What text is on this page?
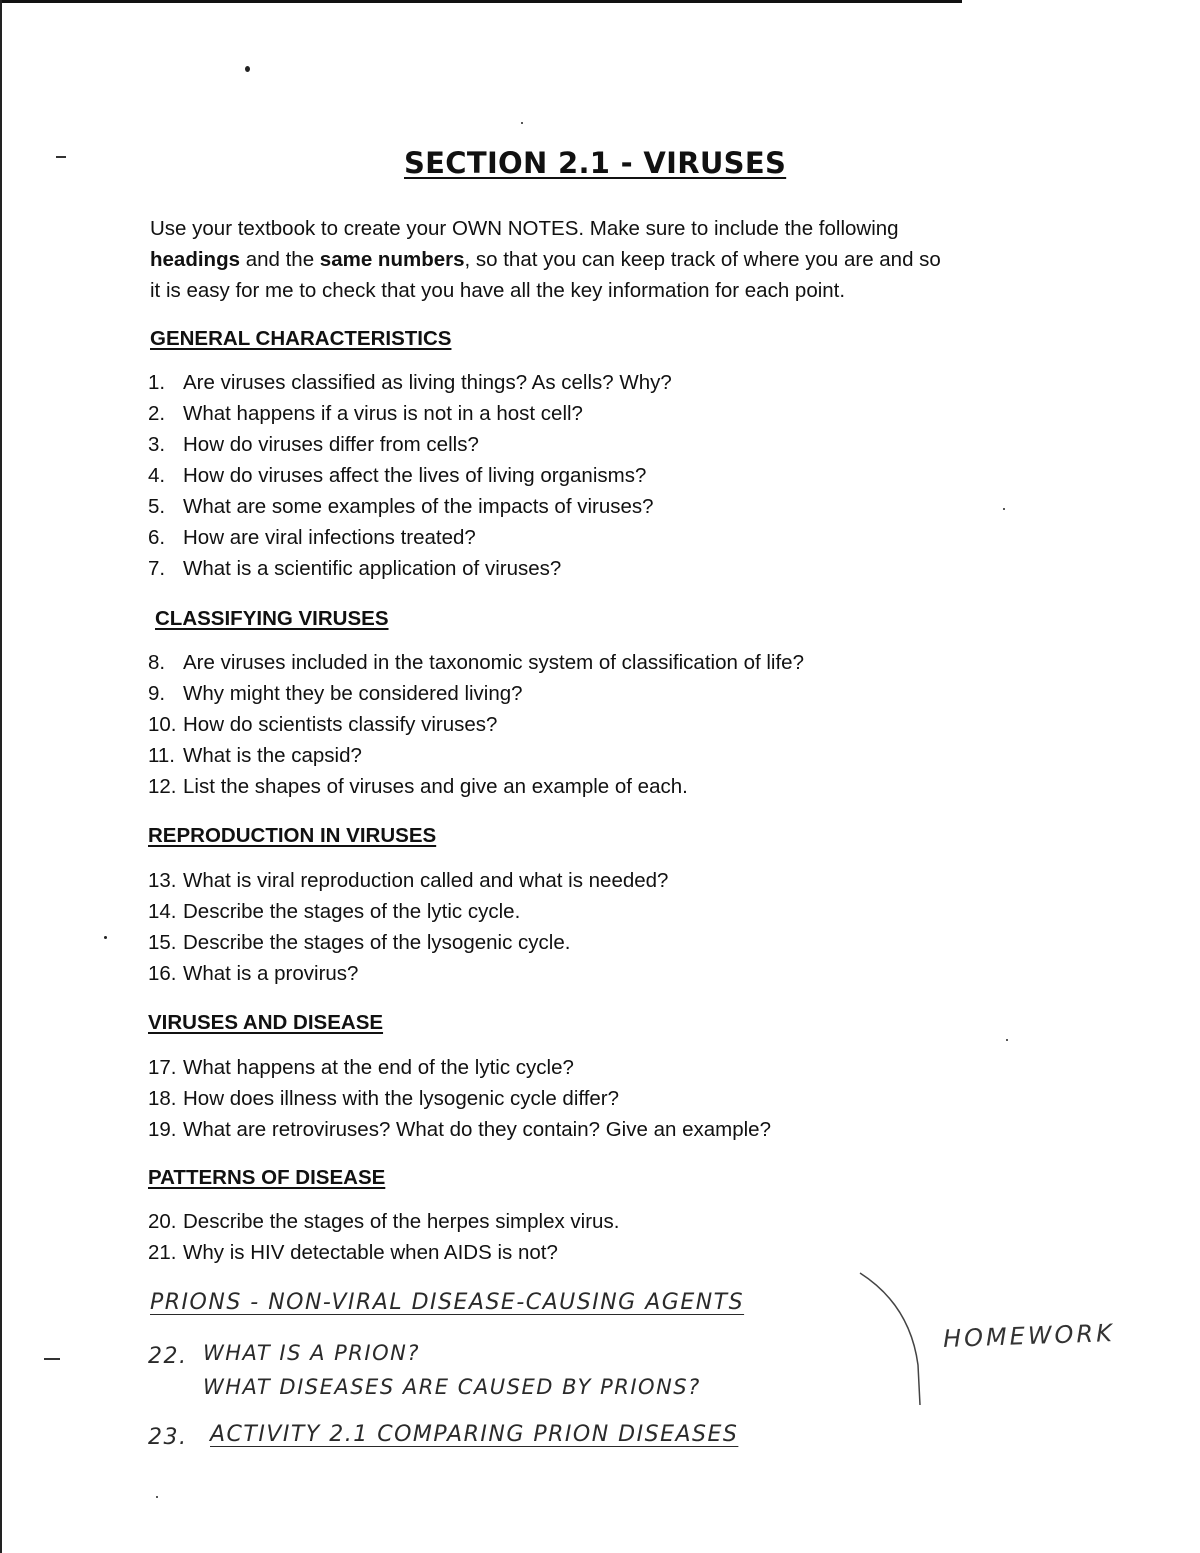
SECTION 2.1 - VIRUSES

Use your textbook to create your OWN NOTES. Make sure to include the following

headings and the same numbers, so that you can keep track of where you are and so

it is easy for me to check that you have all the key information for each point.

GENERAL CHARACTERISTICS
CLASSIFYING VIRUSES
REPRODUCTION IN VIRUSES
VIRUSES AND DISEASE
PATTERNS OF DISEASE
1. Are viruses classified as living things? As cells? Why?
2. What happens if a virus is not in a host cell?
3. How do viruses differ from cells?
4. How do viruses affect the lives of living organisms?
5. What are some examples of the impacts of viruses?
6. How are viral infections treated?
7. What is a scientific application of viruses?
8. Are viruses included in the taxonomic system of classification of life?
9. Why might they be considered living?
10. How do scientists classify viruses?
11. What is the capsid?
12. List the shapes of viruses and give an example of each.
13. What is viral reproduction called and what is needed?
14. Describe the stages of the lytic cycle.
15. Describe the stages of the lysogenic cycle.
16. What is a provirus?
17. What happens at the end of the lytic cycle?
18. How does illness with the lysogenic cycle differ?
19. What are retroviruses? What do they contain? Give an example?
20. Describe the stages of the herpes simplex virus.
21. Why is HIV detectable when AIDS is not?
PRIONS - NON-VIRAL DISEASE-CAUSING AGENTS
22. WHAT IS A PRION?
WHAT DISEASES ARE CAUSED BY PRIONS?
23. ACTIVITY 2.1 COMPARING PRION DISEASES
HOMEWORK
